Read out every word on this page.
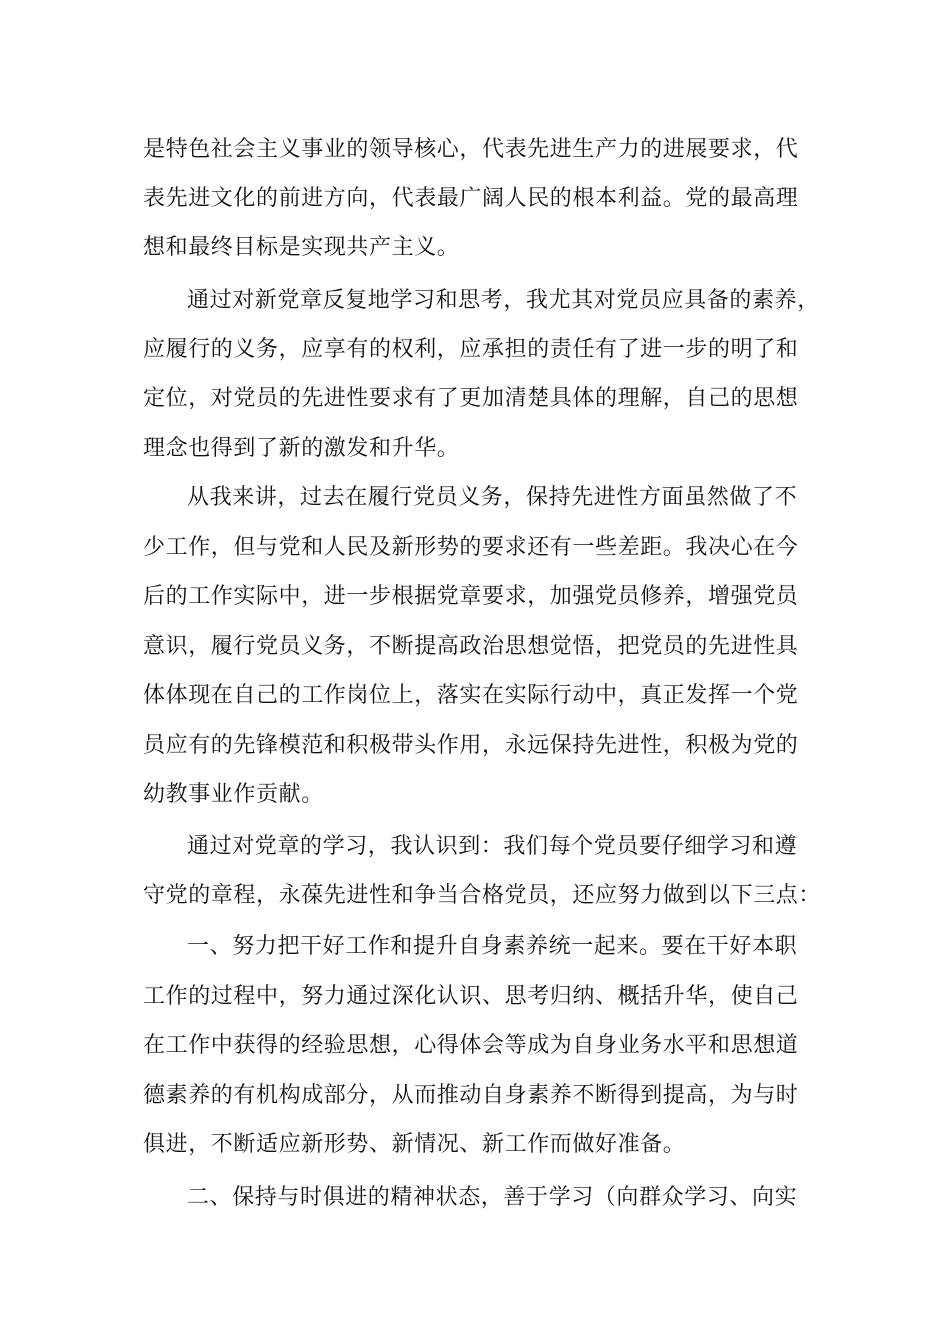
是特色社会主义事业的领导核心，代表先进生产力的进展要求，代
表先进文化的前进方向，代表最广阔人民的根本利益。党的最高理
想和最终目标是实现共产主义。
通过对新党章反复地学习和思考，我尤其对党员应具备的素养，
应履行的义务，应享有的权利，应承担的责任有了进一步的明了和
定位，对党员的先进性要求有了更加清楚具体的理解，自己的思想
理念也得到了新的激发和升华。
从我来讲，过去在履行党员义务，保持先进性方面虽然做了不
少工作，但与党和人民及新形势的要求还有一些差距。我决心在今
后的工作实际中，进一步根据党章要求，加强党员修养，增强党员
意识，履行党员义务，不断提高政治思想觉悟，把党员的先进性具
体体现在自己的工作岗位上，落实在实际行动中，真正发挥一个党
员应有的先锋模范和积极带头作用，永远保持先进性，积极为党的
幼教事业作贡献。
通过对党章的学习，我认识到：我们每个党员要仔细学习和遵
守党的章程，永葆先进性和争当合格党员，还应努力做到以下三点：
一、努力把干好工作和提升自身素养统一起来。要在干好本职
工作的过程中，努力通过深化认识、思考归纳、概括升华，使自己
在工作中获得的经验思想，心得体会等成为自身业务水平和思想道
德素养的有机构成部分，从而推动自身素养不断得到提高，为与时
俱进，不断适应新形势、新情况、新工作而做好准备。
二、保持与时俱进的精神状态，善于学习（向群众学习、向实
